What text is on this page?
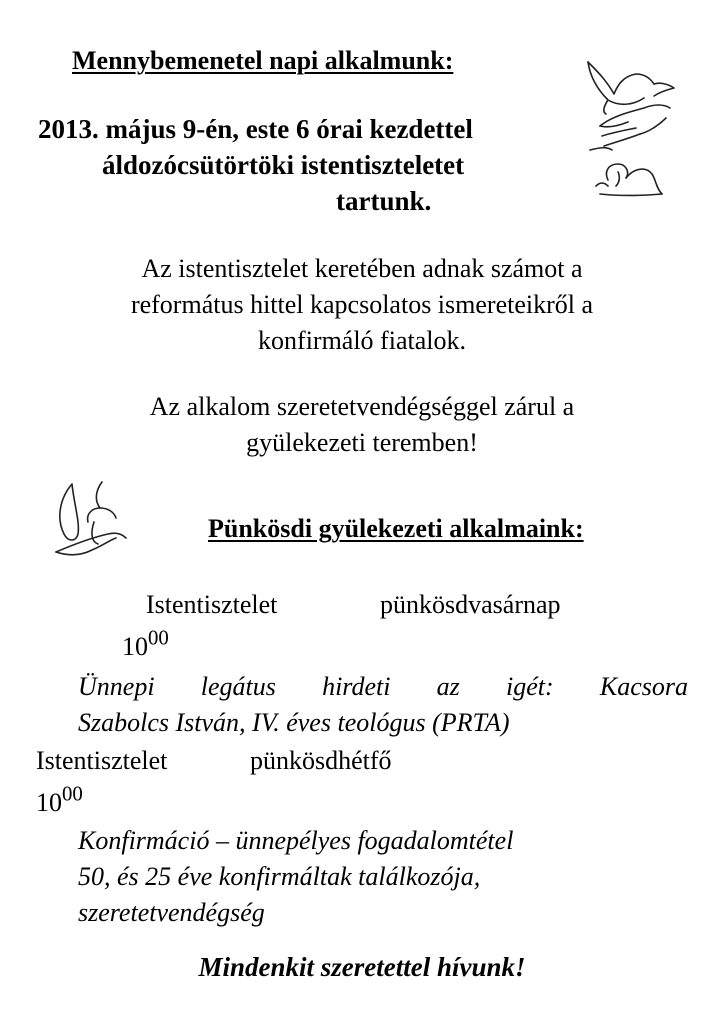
Mennybemenetel napi alkalmunk:
2013. május 9-én, este 6 órai kezdettel
áldozócsütörtöki istentiszteletet
tartunk.
Az istentisztelet keretében adnak számot a
református hittel kapcsolatos ismereteikről a
konfirmáló fiatalok.
Az alkalom szeretetvendégséggel zárul a
gyülekezeti teremben!
Pünkösdi gyülekezeti alkalmaink:
Istentisztelet	pünkösdvasárnap
$10^{00}$
Ünnepi legátus hirdeti az igét: Kacsora
Szabolcs István, IV. éves teológus (PRTA)
Istentisztelet	pünkösdhétfő
$10^{00}$
Konfirmáció – ünnepélyes fogadalomtétel
50, és 25 éve konfirmáltak találkozója,
szeretetvendégség
Mindenkit szeretettel hívunk!
